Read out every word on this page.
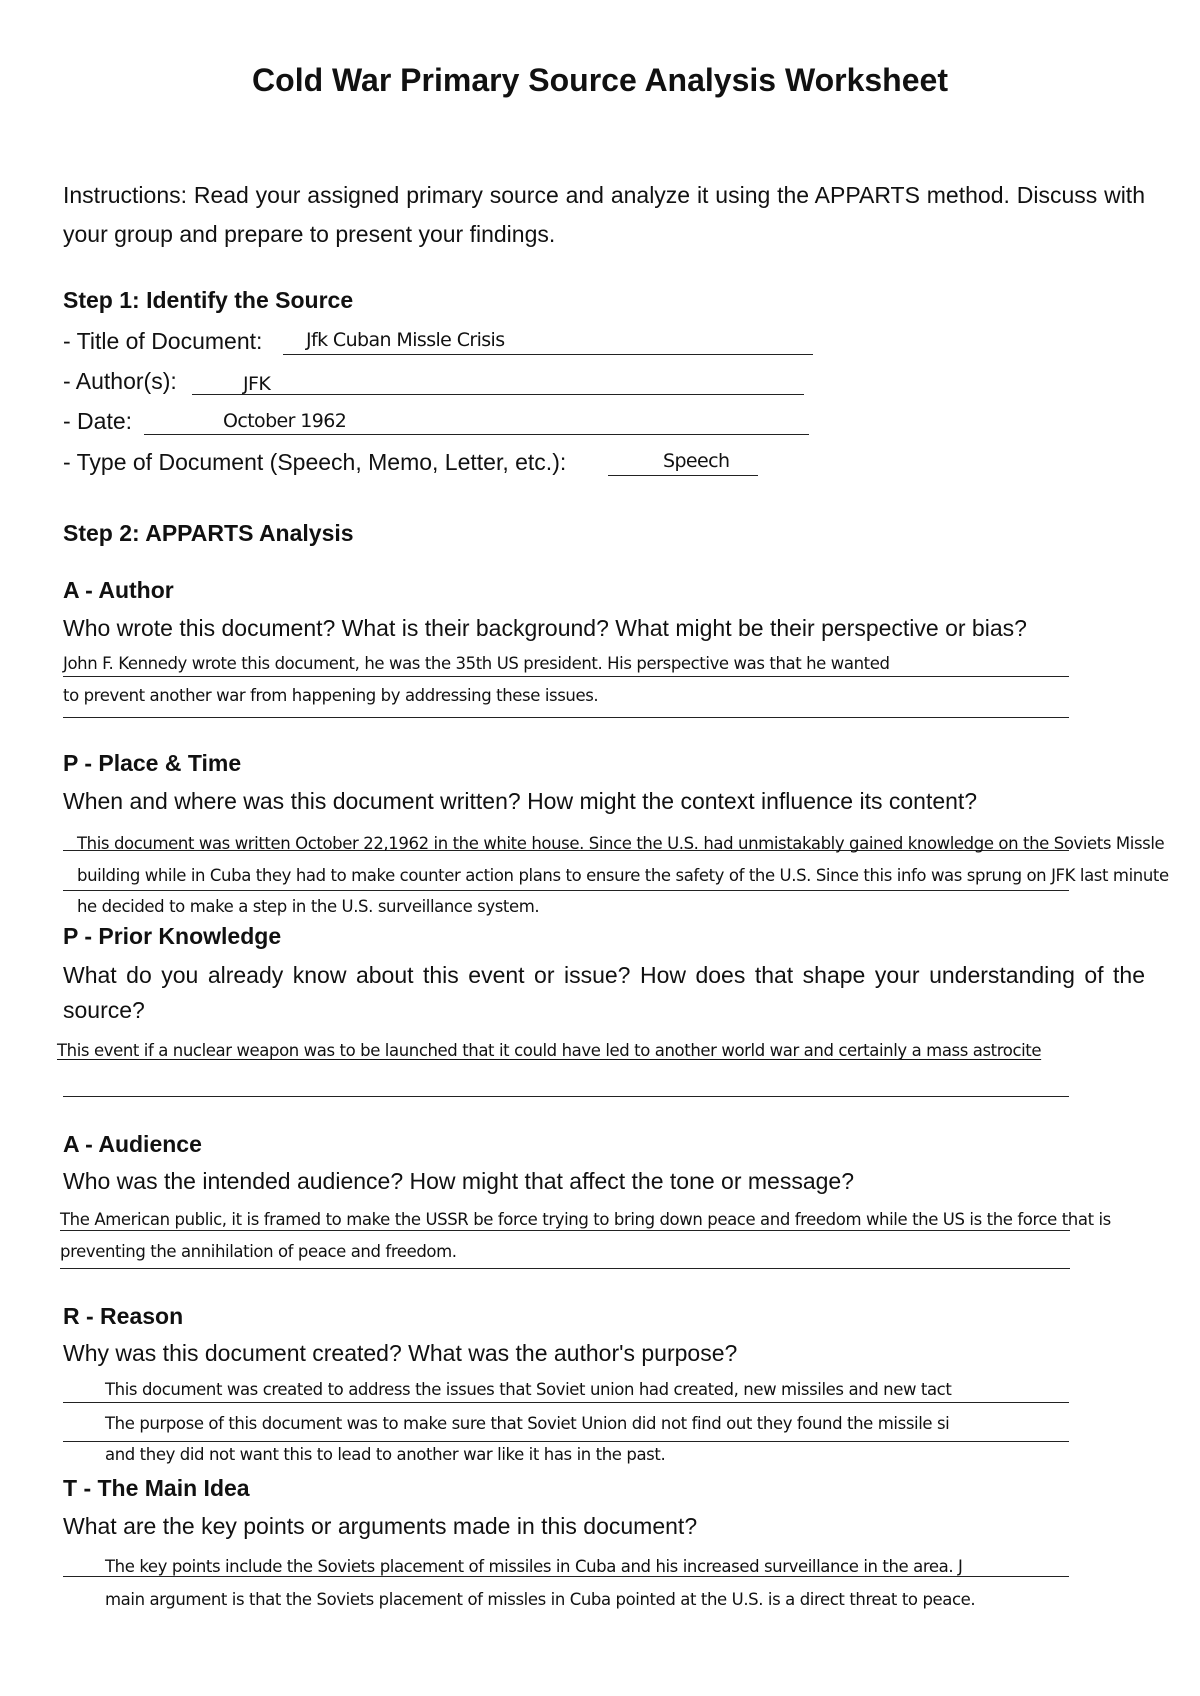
Cold War Primary Source Analysis Worksheet
Instructions: Read your assigned primary source and analyze it using the APPARTS method. Discuss with your group and prepare to present your findings.
Step 1: Identify the Source
- Title of Document: Jfk Cuban Missle Crisis
- Author(s):	JFK
- Date:	October 1962
- Type of Document (Speech, Memo, Letter, etc.):	Speech
Step 2: APPARTS Analysis
A - Author
Who wrote this document? What is their background? What might be their perspective or bias?
John F. Kennedy wrote this document, he was the 35th US president. His perspective was that he wanted
to prevent another war from happening by addressing these issues.
P - Place & Time
When and where was this document written? How might the context influence its content?
This document was written October 22,1962 in the white house. Since the U.S. had unmistakably gained knowledge on the Soviets Missle
building while in Cuba they had to make counter action plans to ensure the safety of the U.S. Since this info was sprung on JFK last minute
he decided to make a step in the U.S. surveillance system.
P - Prior Knowledge
What do you already know about this event or issue? How does that shape your understanding of the source?
This event if a nuclear weapon was to be launched that it could have led to another world war and certainly a mass astrocite
A - Audience
Who was the intended audience? How might that affect the tone or message?
The American public, it is framed to make the USSR be force trying to bring down peace and freedom while the US is the force that is
preventing the annihilation of peace and freedom.
R - Reason
Why was this document created? What was the author's purpose?
This document was created to address the issues that Soviet union had created, new missiles and new tact
The purpose of this document was to make sure that Soviet Union did not find out they found the missile si
and they did not want this to lead to another war like it has in the past.
T - The Main Idea
What are the key points or arguments made in this document?
The key points include the Soviets placement of missiles in Cuba and his increased surveillance in the area. J
main argument is that the Soviets placement of missles in Cuba pointed at the U.S. is a direct threat to peace.
